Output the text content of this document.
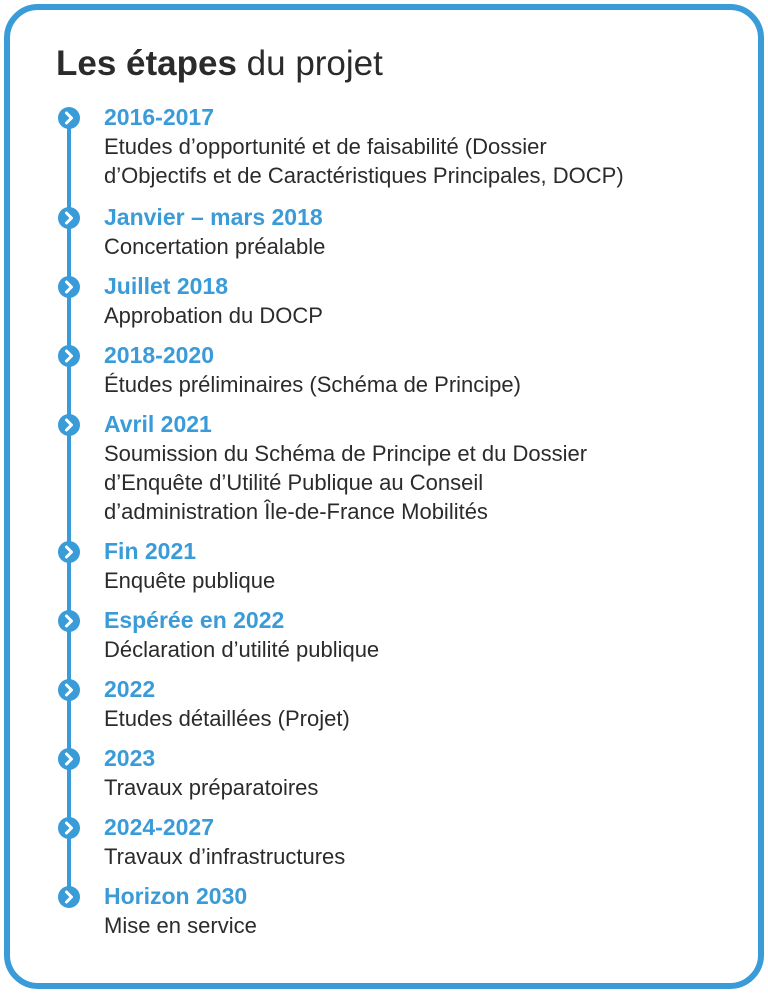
Les étapes du projet
2016-2017
Etudes d’opportunité et de faisabilité (Dossier
d’Objectifs et de Caractéristiques Principales, DOCP)
Janvier – mars 2018
Concertation préalable
Juillet 2018
Approbation du DOCP
2018-2020
Études préliminaires (Schéma de Principe)
Avril 2021
Soumission du Schéma de Principe et du Dossier
d’Enquête d’Utilité Publique au Conseil
d’administration Île-de-France Mobilités
Fin 2021
Enquête publique
Espérée en 2022
Déclaration d’utilité publique
2022
Etudes détaillées (Projet)
2023
Travaux préparatoires
2024-2027
Travaux d’infrastructures
Horizon 2030
Mise en service
